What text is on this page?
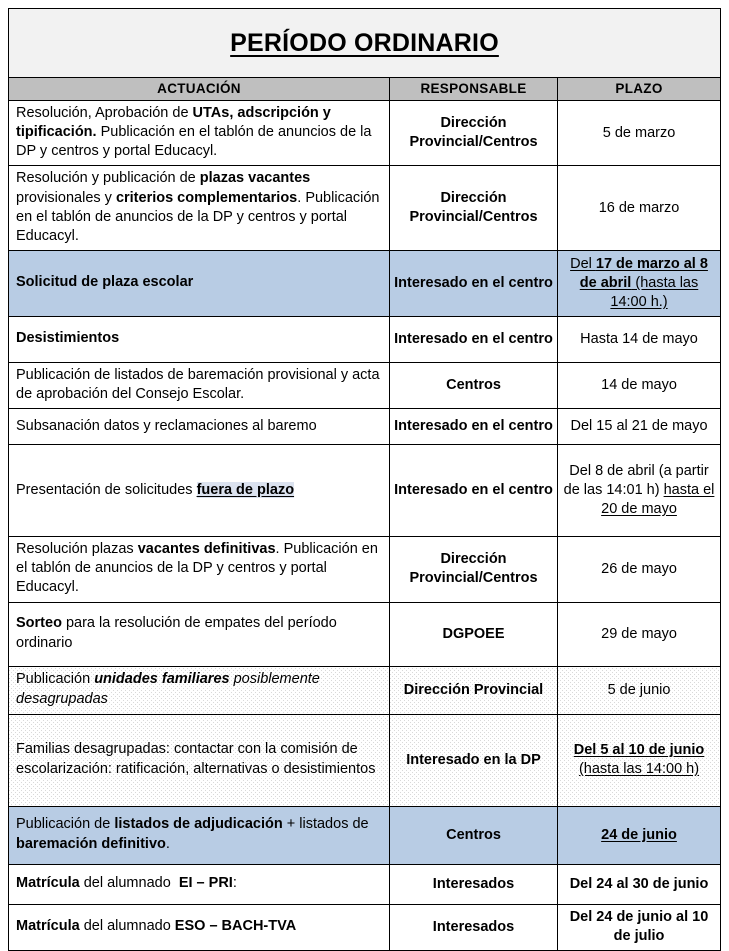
PERÍODO ORDINARIO		
ACTUACIÓN	RESPONSABLE	PLAZO
Resolución, Aprobación de UTAs, adscripción y tipificación. Publicación en el tablón de anuncios de la DP y centros y portal Educacyl.	Dirección Provincial/Centros	5 de marzo
Resolución y publicación de plazas vacantes provisionales y criterios complementarios. Publicación en el tablón de anuncios de la DP y centros y portal Educacyl.	Dirección Provincial/Centros	16 de marzo
Solicitud de plaza escolar	Interesado en el centro	Del 17 de marzo al 8 de abril (hasta las 14:00 h.)
Desistimientos	Interesado en el centro	Hasta 14 de mayo
Publicación de listados de baremación provisional y acta de aprobación del Consejo Escolar.	Centros	14 de mayo
Subsanación datos y reclamaciones al baremo	Interesado en el centro	Del 15 al 21 de mayo
Presentación de solicitudes fuera de plazo	Interesado en el centro	Del 8 de abril (a partir de las 14:01 h) hasta el 20 de mayo
Resolución plazas vacantes definitivas. Publicación en el tablón de anuncios de la DP y centros y portal Educacyl.	Dirección Provincial/Centros	26 de mayo
Sorteo para la resolución de empates del período ordinario	DGPOEE	29 de mayo
Publicación unidades familiares posiblemente desagrupadas	Dirección Provincial	5 de junio
Familias desagrupadas: contactar con la comisión de escolarización: ratificación, alternativas o desistimientos	Interesado en la DP	Del 5 al 10 de junio (hasta las 14:00 h)
Publicación de listados de adjudicación + listados de baremación definitivo.	Centros	24 de junio
Matrícula del alumnado  EI – PRI:	Interesados	Del 24 al 30 de junio
Matrícula del alumnado ESO – BACH-TVA	Interesados	Del 24 de junio al 10 de julio
